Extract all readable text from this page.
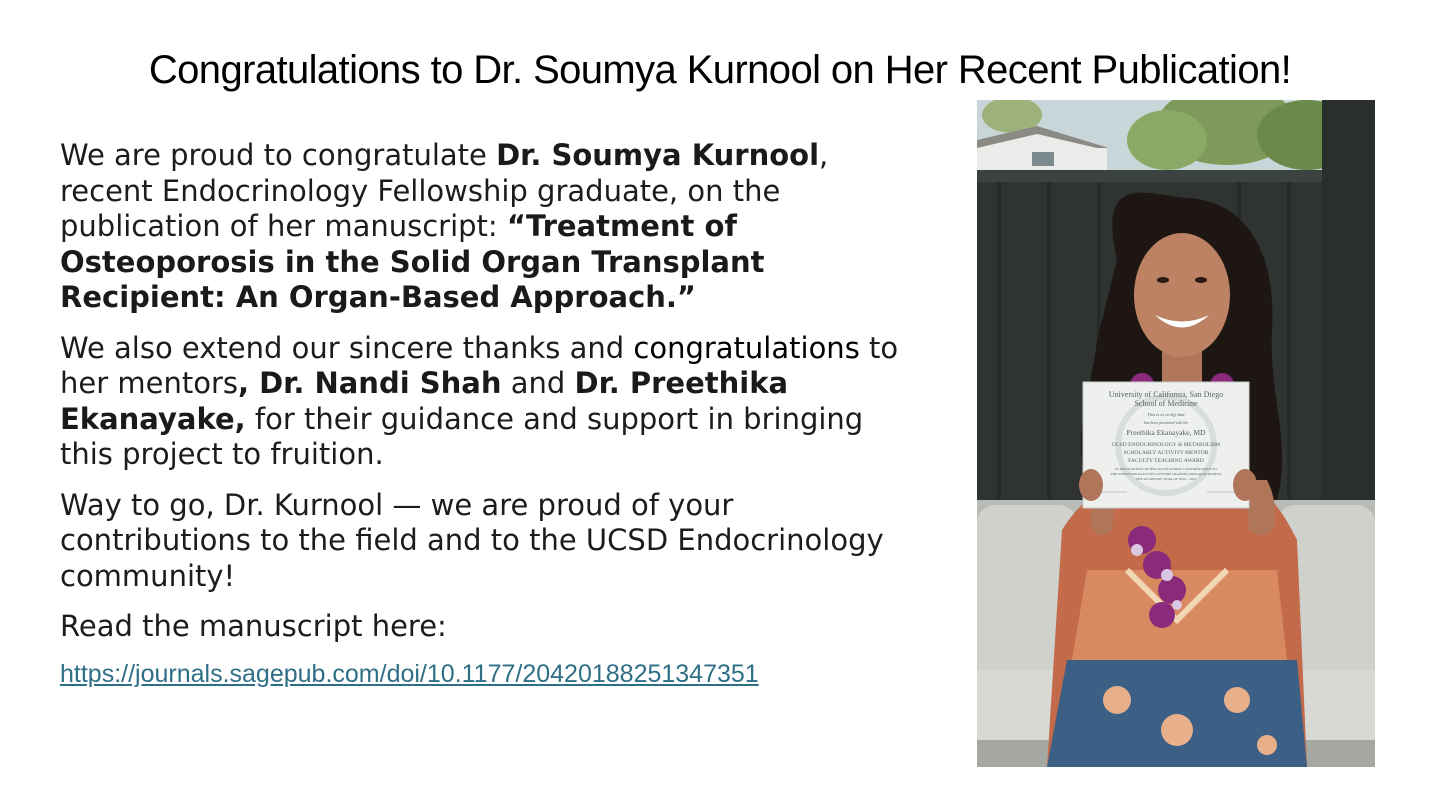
Congratulations to Dr. Soumya Kurnool on Her Recent Publication!

We are proud to congratulate Dr. Soumya Kurnool, recent Endocrinology Fellowship graduate, on the publication of her manuscript: “Treatment of Osteoporosis in the Solid Organ Transplant Recipient: An Organ-Based Approach.”

We also extend our sincere thanks and congratulations to her mentors, Dr. Nandi Shah and Dr. Preethika Ekanayake, for their guidance and support in bringing this project to fruition.

Way to go, Dr. Kurnool — we are proud of your contributions to the field and to the UCSD Endocrinology community!

Read the manuscript here:

https://journals.sagepub.com/doi/10.1177/20420188251347351
University of California, San Diego
School of Medicine
This is to certify that
has been presented with the
Preethika Ekanayake, MD
UCSD ENDOCRINOLOGY & METABOLISM
SCHOLARLY ACTIVITY MENTOR
FACULTY TEACHING AWARD
IN RECOGNITION OF HER OUTSTANDING CONTRIBUTIONS TO
THE ENDOCRINOLOGY FELLOWSHIP TRAINING PROGRAM DURING
THE ACADEMIC YEAR OF 2024 – 2025
